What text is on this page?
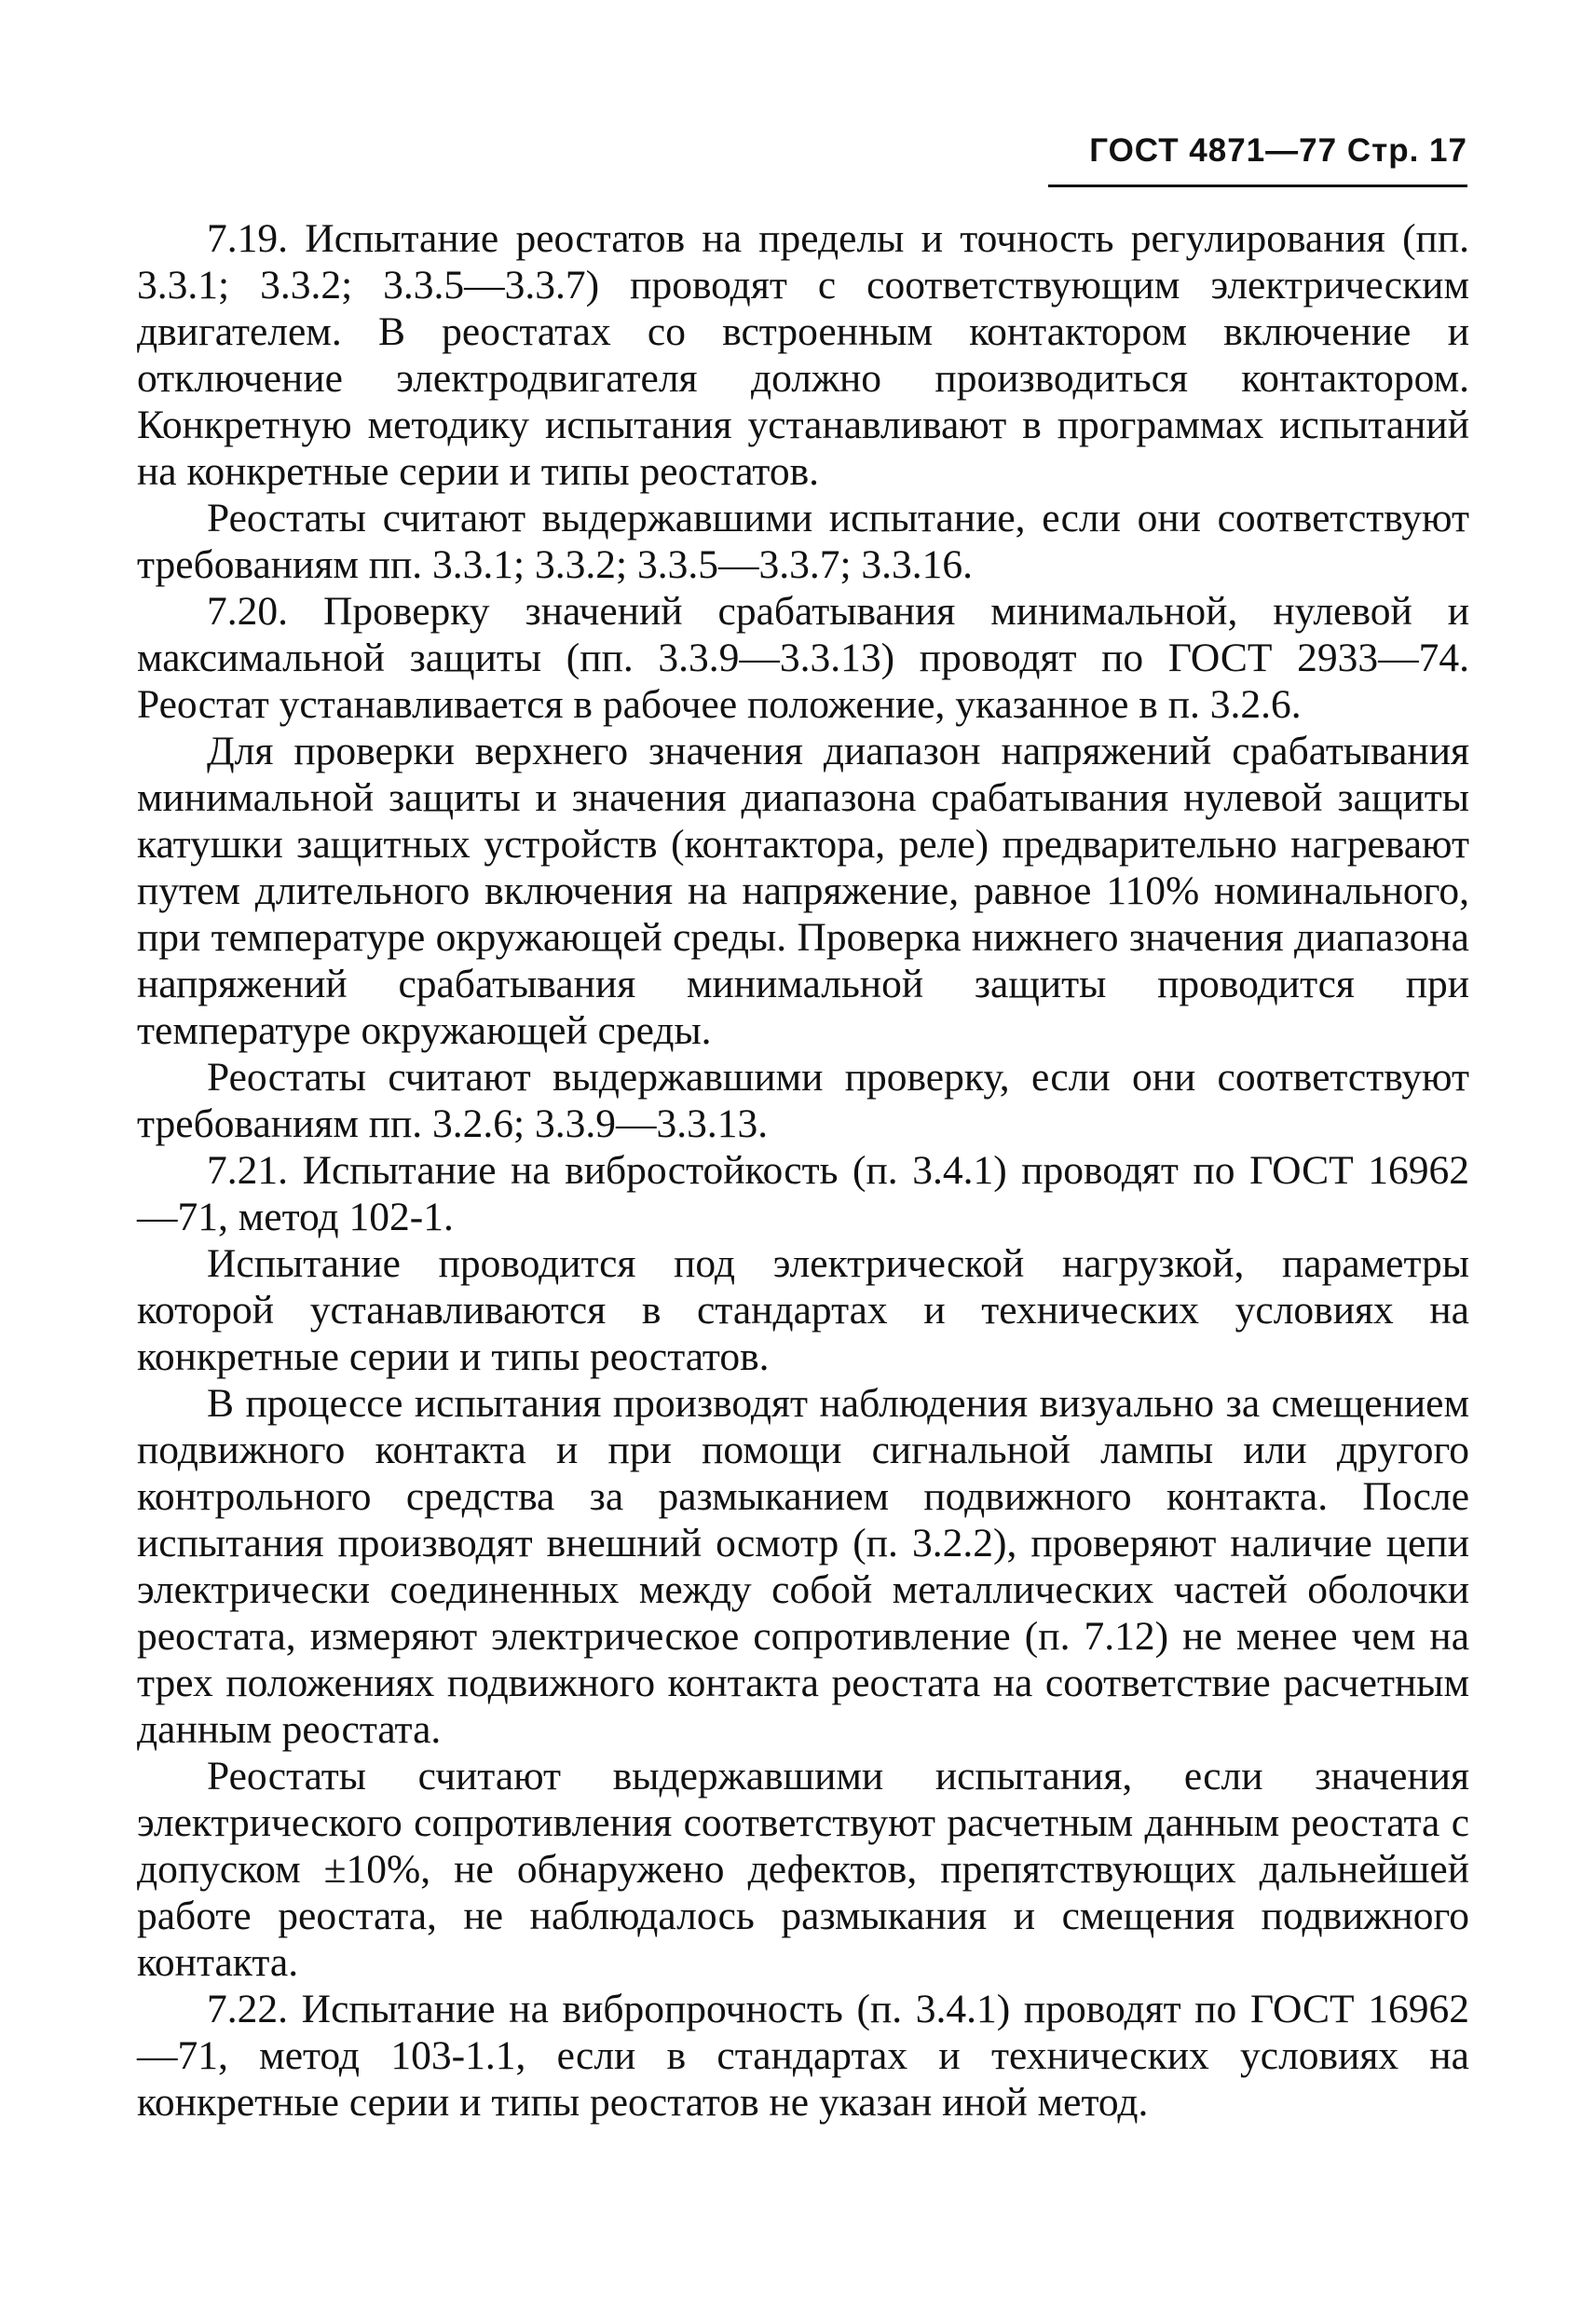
ГОСТ 4871—77 Стр. 17

7.19. Испытание реостатов на пределы и точность регулирования (пп. 3.3.1; 3.3.2; 3.3.5—3.3.7) проводят с соответствующим электрическим двигателем. В реостатах со встроенным контактором включение и отключение электродвигателя должно производиться контактором. Конкретную методику испытания устанавливают в программах испытаний на конкретные серии и типы реостатов.

Реостаты считают выдержавшими испытание, если они соответствуют требованиям пп. 3.3.1; 3.3.2; 3.3.5—3.3.7; 3.3.16.

7.20. Проверку значений срабатывания минимальной, нулевой и максимальной защиты (пп. 3.3.9—3.3.13) проводят по ГОСТ 2933—74. Реостат устанавливается в рабочее положение, указанное в п. 3.2.6.

Для проверки верхнего значения диапазон напряжений срабатывания минимальной защиты и значения диапазона срабатывания нулевой защиты катушки защитных устройств (контактора, реле) предварительно нагревают путем длительного включения на напряжение, равное 110% номинального, при температуре окружающей среды. Проверка нижнего значения диапазона напряжений срабатывания минимальной защиты проводится при температуре окружающей среды.

Реостаты считают выдержавшими проверку, если они соответствуют требованиям пп. 3.2.6; 3.3.9—3.3.13.

7.21. Испытание на вибростойкость (п. 3.4.1) проводят по ГОСТ 16962—71, метод 102-1.

Испытание проводится под электрической нагрузкой, параметры которой устанавливаются в стандартах и технических условиях на конкретные серии и типы реостатов.

В процессе испытания производят наблюдения визуально за смещением подвижного контакта и при помощи сигнальной лампы или другого контрольного средства за размыканием подвижного контакта. После испытания производят внешний осмотр (п. 3.2.2), проверяют наличие цепи электрически соединенных между собой металлических частей оболочки реостата, измеряют электрическое сопротивление (п. 7.12) не менее чем на трех положениях подвижного контакта реостата на соответствие расчетным данным реостата.

Реостаты считают выдержавшими испытания, если значения электрического сопротивления соответствуют расчетным данным реостата с допуском ±10%, не обнаружено дефектов, препятствующих дальнейшей работе реостата, не наблюдалось размыкания и смещения подвижного контакта.

7.22. Испытание на вибропрочность (п. 3.4.1) проводят по ГОСТ 16962—71, метод 103-1.1, если в стандартах и технических условиях на конкретные серии и типы реостатов не указан иной метод.
